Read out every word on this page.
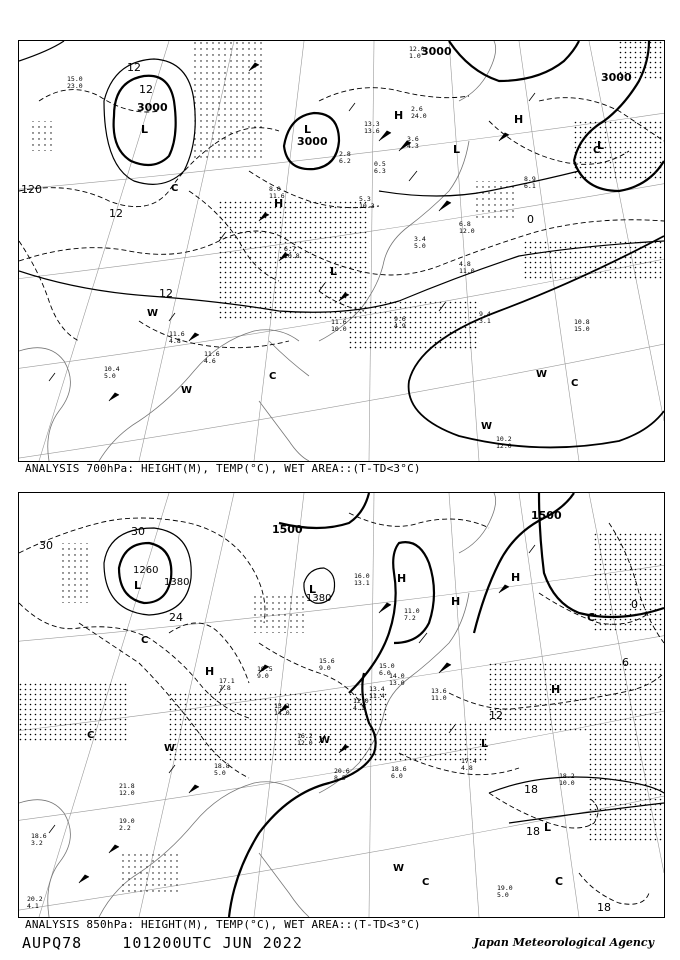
2.8
6.2
3.6
4.3
13.3
13.6
8.0
11.6	5.3
10.3
6.7
10.8
3.4
5.0
6.8
12.0
10.8
15.0
4.8
11.0
9.4
3.1
11.6
10.0
9.6
4.9
11.6
4.6
10.4
5.0
10.2
12.0
11.6
4.8
12.0
1.0
8.9
6.1
15.0
23.0
2.6
24.0
0.5
6.3
3000
3000
3000
3000
12
12
12
12
120
0
L	L
L	L
H
H
L
H
W
W
W
W
C
C
C
C
ANALYSIS 700hPa: HEIGHT(M), TEMP(°C), WET AREA::(T-TD<3°C)
13.6
11.0
14.0
13.0
15.6
9.0
17.4
4.8
18.2
10.0
19.0
5.0
20.6
8.5
18.6
6.0
18.6
3.2
19.0
2.2
20.2
4.1
16.2
12.0
15.2
14.0
13.4
11.4
12.0
4.1
11.0
7.2
16.0
13.1
15.0
6.0
18.8
5.0
21.8
12.0
17.1
7.8
19.5
9.0
1500
1500
1380
1260
1380
30
30
24
12
18
18
18
0
6
L	L
H	H
H
L
H
L
H
C
C
W
W
C
C
C
W
ANALYSIS 850hPa: HEIGHT(M), TEMP(°C), WET AREA::(T-TD<3°C)
AUPQ78    101200UTC JUN 2022	Japan Meteorological Agency
